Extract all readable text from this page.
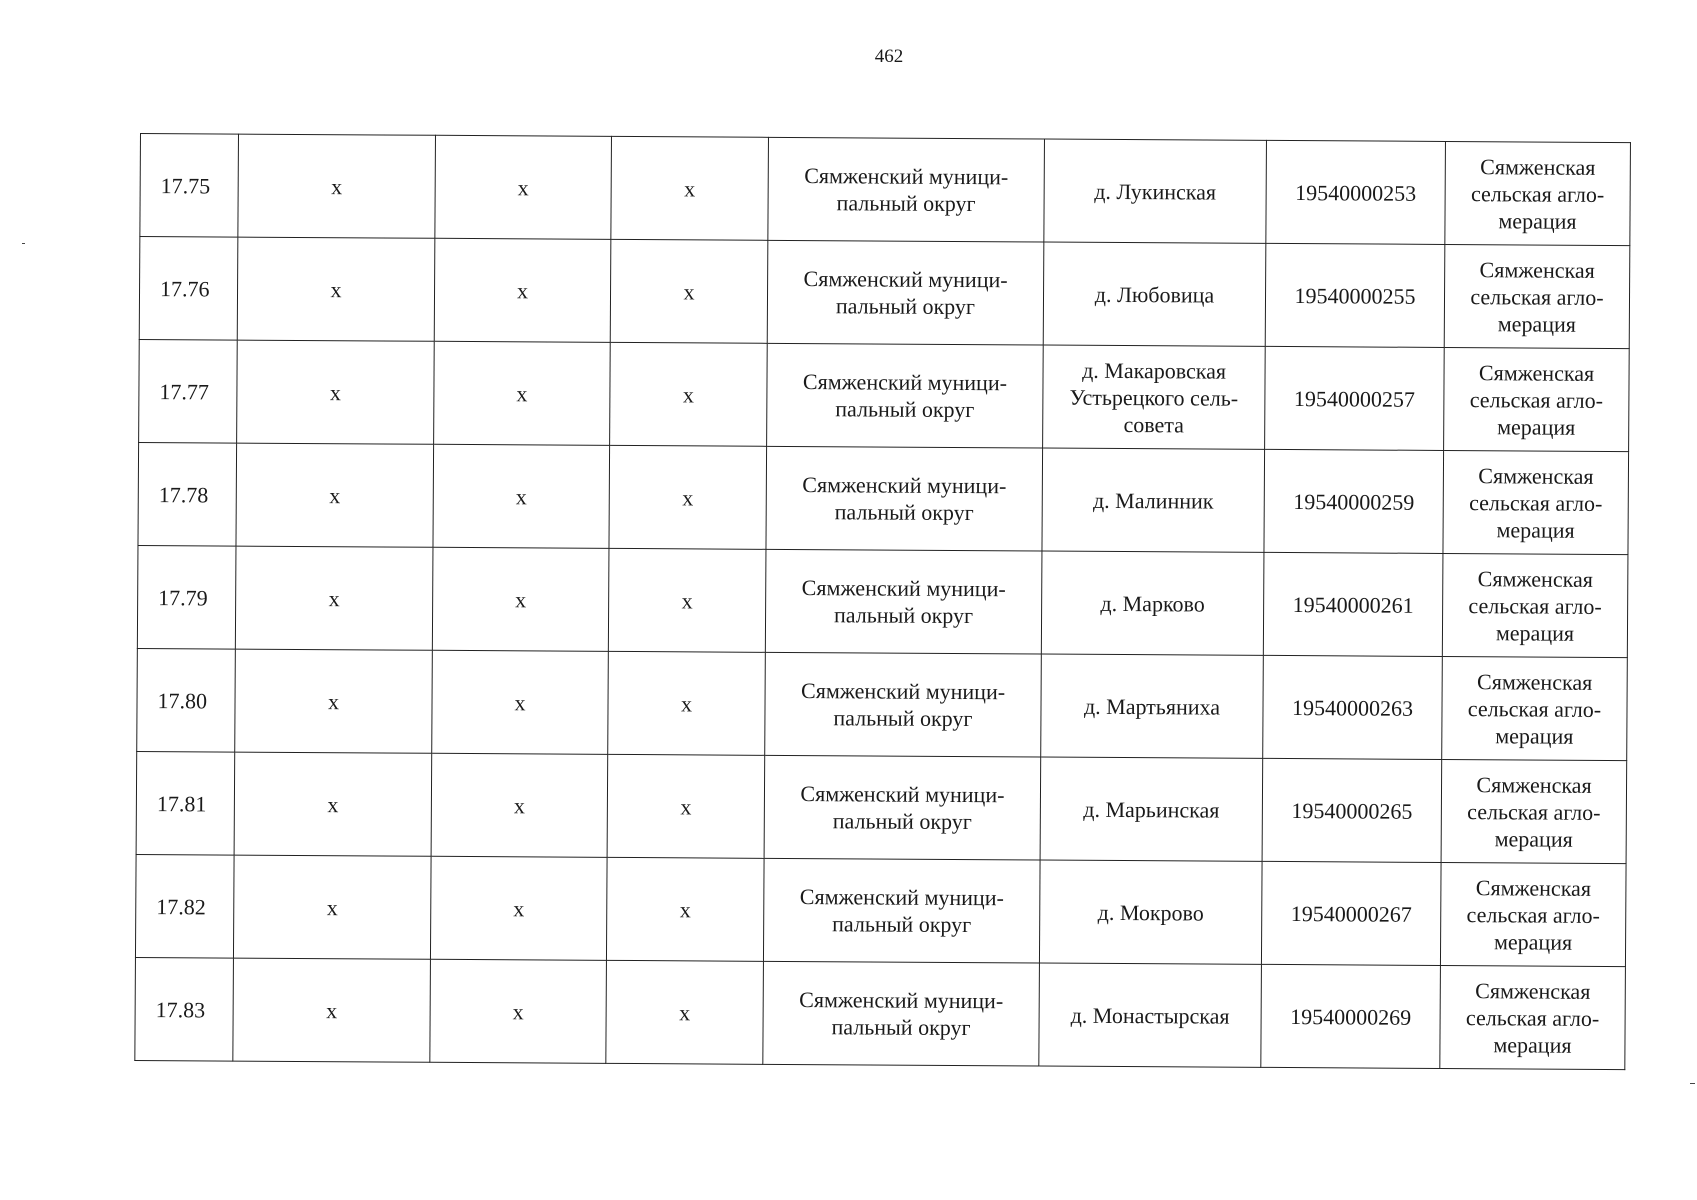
462
17.75	x	x	x	Сямженский муници-пальный округ	д. Лукинская	19540000253	Сямженская сельская агло-мерация
17.76	x	x	x	Сямженский муници-пальный округ	д. Любовица	19540000255	Сямженская сельская агло-мерация
17.77	x	x	x	Сямженский муници-пальный округ	д. Макаровская Устьрецкого сель-совета	19540000257	Сямженская сельская агло-мерация
17.78	x	x	x	Сямженский муници-пальный округ	д. Малинник	19540000259	Сямженская сельская агло-мерация
17.79	x	x	x	Сямженский муници-пальный округ	д. Марково	19540000261	Сямженская сельская агло-мерация
17.80	x	x	x	Сямженский муници-пальный округ	д. Мартьяниха	19540000263	Сямженская сельская агло-мерация
17.81	x	x	x	Сямженский муници-пальный округ	д. Марьинская	19540000265	Сямженская сельская агло-мерация
17.82	x	x	x	Сямженский муници-пальный округ	д. Мокрово	19540000267	Сямженская сельская агло-мерация
17.83	x	x	x	Сямженский муници-пальный округ	д. Монастырская	19540000269	Сямженская сельская агло-мерация
